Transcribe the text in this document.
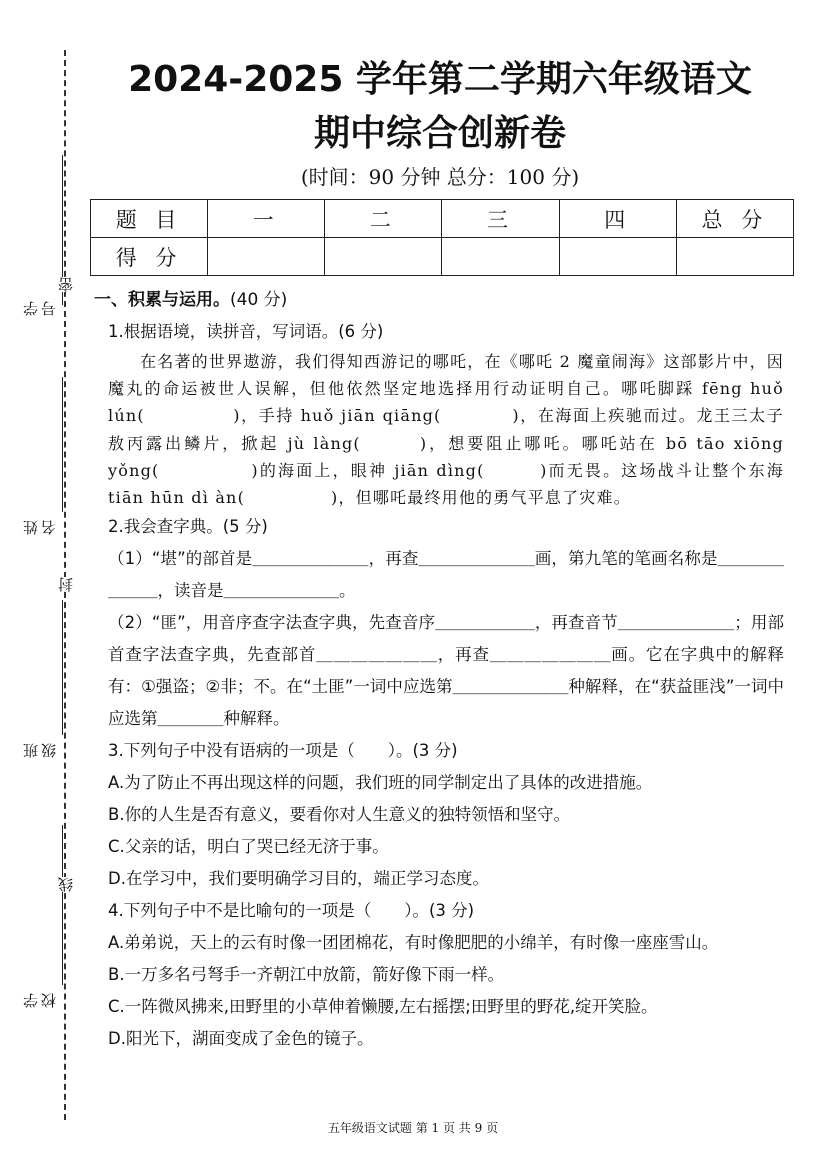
学号
姓名
班级
学校
密
封
线
2024-2025 学年第二学期六年级语文
期中综合创新卷
(时间：90 分钟 总分：100 分)
题 目	一	二	三	四	总 分
得 分					

一、积累与运用。(40 分)

1.根据语境，读拼音，写词语。(6 分)

在名著的世界遨游，我们得知西游记的哪吒，在《哪吒 2 魔童闹海》这部影片中，因魔丸的命运被世人误解，但他依然坚定地选择用行动证明自己。哪吒脚踩 fēng huǒ lún(　　　　　)，手持 huǒ jiān qiāng(　　　　)，在海面上疾驰而过。龙王三太子敖丙露出鳞片，掀起 jù làng(　　　)，想要阻止哪吒。哪吒站在 bō tāo xiōng yǒng(　　　　　)的海面上，眼神 jiān dìng(　　　)而无畏。这场战斗让整个东海 tiān hūn dì àn(　　　　　)，但哪吒最终用他的勇气平息了灾难。

2.我会查字典。(5 分)

（1）“堪”的部首是＿＿＿＿＿＿＿，再查＿＿＿＿＿＿＿画，第九笔的笔画名称是＿＿＿＿＿＿＿，读音是＿＿＿＿＿＿＿。

（2）“匪”，用音序查字法查字典，先查音序＿＿＿＿＿＿，再查音节＿＿＿＿＿＿＿；用部首查字法查字典，先查部首＿＿＿＿＿＿＿，再查＿＿＿＿＿＿＿画。它在字典中的解释有：①强盗；②非；不。在“土匪”一词中应选第＿＿＿＿＿＿＿种解释，在“获益匪浅”一词中应选第＿＿＿＿种解释。

3.下列句子中没有语病的一项是（　　）。(3 分)

A.为了防止不再出现这样的问题，我们班的同学制定出了具体的改进措施。

B.你的人生是否有意义，要看你对人生意义的独特领悟和坚守。

C.父亲的话，明白了哭已经无济于事。

D.在学习中，我们要明确学习目的，端正学习态度。

4.下列句子中不是比喻句的一项是（　　）。(3 分)

A.弟弟说，天上的云有时像一团团棉花，有时像肥肥的小绵羊，有时像一座座雪山。

B.一万多名弓弩手一齐朝江中放箭，箭好像下雨一样。

C.一阵微风拂来,田野里的小草伸着懒腰,左右摇摆;田野里的野花,绽开笑脸。

D.阳光下，湖面变成了金色的镜子。

五年级语文试题 第 1 页 共 9 页
